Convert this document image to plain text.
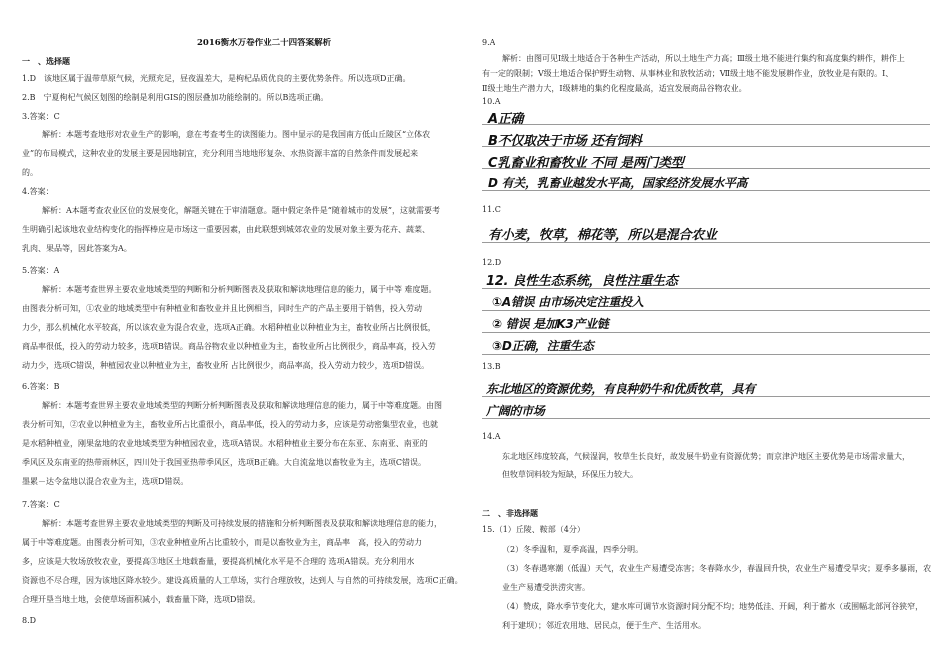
2016衡水万卷作业二十四答案解析
一　、选择题
1.D　该地区属于温带草原气候，光照充足，昼夜温差大，是枸杞品质优良的主要优势条件。所以选项D正确。
2.B　宁夏枸杞气候区划图的绘制是利用GIS的图层叠加功能绘制的。所以B选项正确。
3.答案：C
解析：本题考查地形对农业生产的影响，意在考查考生的读图能力。图中显示的是我国南方低山丘陵区“立体农
业”的布局模式，这种农业的发展主要是因地制宜，充分利用当地地形复杂、水热资源丰富的自然条件而发展起来
的。
4.答案：
解析：A本题考查农业区位的发展变化，解题关键在于审清题意。题中假定条件是“随着城市的发展”，这就需要考
生明确引起该地农业结构变化的指挥棒应是市场这一重要因素，由此联想到城郊农业的发展对象主要为花卉、蔬菜、
乳肉、果品等，因此答案为A。
5.答案：A
解析：本题考查世界主要农业地域类型的判断和分析判断图表及获取和解读地理信息的能力，属于中等 难度题。
由图表分析可知，①农业的地域类型中有种植业和畜牧业并且比例相当，同时生产的产品主要用于销售，投入劳动
力少，那么机械化水平较高，所以该农业为混合农业，选项A正确。水稻种植业以种植业为主，畜牧业所占比例很低，
商品率很低，投入的劳动力较多，选项B错误。商品谷物农业以种植业为主，畜牧业所占比例很少，商品率高，投入劳
动力少，选项C错误，种植园农业以种植业为主，畜牧业所 占比例很少，商品率高，投入劳动力较少，选项D错误。
6.答案：B
解析：本题考查世界主要农业地域类型的判断分析判断图表及获取和解读地理信息的能力，属于中等难度题。由图
表分析可知，②农业以种植业为主，畜牧业所占比重很小，商品率低，投入的劳动力多，应该是劳动密集型农业，也就
是水稻种植业，刚果盆地的农业地域类型为种植园农业，选项A错误。水稻种植业主要分布在东亚、东南亚、南亚的
季风区及东南亚的热带雨林区，四川处于我国亚热带季风区，选项B正确。大自流盆地以畜牧业为主，选项C错误。
墨累－达令盆地以混合农业为主，选项D错误。
7.答案：C
解析：本题考查世界主要农业地域类型的判断及可持续发展的措施和分析判断图表及获取和解读地理信息的能力，
属于中等难度题。由图表分析可知，③农业种植业所占比重较小，而是以畜牧业为主，商品率　高，投入的劳动力
多，应该是大牧场放牧农业，要提高③地区土地载畜量，要提高机械化水平是不合理的 选项A错误。充分利用水
资源也不尽合理，因为该地区降水较少。建设高质量的人工草场，实行合理放牧，达到人 与自然的可持续发展，选项C正确。
合理开垦当地土地，会使草场面积减小，载畜量下降，选项D错误。
8.D
9.A
解析：由图可见Ⅰ级土地适合于各种生产活动，所以土地生产力高；Ⅲ级土地不能进行集约和高度集约耕作，耕作上
有一定的限制；Ⅴ级土地适合保护野生动物、从事林业和放牧活动；Ⅶ级土地不能发展耕作业，放牧业是有限的。Ⅰ、
Ⅱ级土地生产潜力大，Ⅰ级耕地的集约化程度最高，适宜发展商品谷物农业。
10.A
A正确
B不仅取决于市场 还有饲料
C乳畜业和畜牧业 不同 是两门类型
D 有关，乳畜业越发水平高，国家经济发展水平高
11.C
有小麦，牧草，棉花等，所以是混合农业
12. 良性生态系统，良性注重生态
①A错误 由市场决定注重投入
② 错误 是加K3产业链
③D正确，注重生态
12.D
13.B
东北地区的资源优势，有良种奶牛和优质牧草，具有
广阔的市场
14.A
东北地区纬度较高，气候湿润，牧草生长良好，故发展牛奶业有资源优势；而京津沪地区主要优势是市场需求量大，
但牧草饲料较为短缺，环保压力较大。
二　、非选择题
15.（1）丘陵、鞍部（4分）
（2）冬季温和，夏季高温，四季分明。
（3）冬春遇寒潮（低温）天气，农业生产易遭受冻害；冬春降水少，春温回升快，农业生产易遭受旱灾；夏季多暴雨，农
业生产易遭受洪涝灾害。
（4）赞成，降水季节变化大，建水库可调节水资源时间分配不均；地势低洼、开阔，利于蓄水（或围幅北部河谷狭窄，
利于建坝）；邻近农用地、居民点，便于生产、生活用水。
